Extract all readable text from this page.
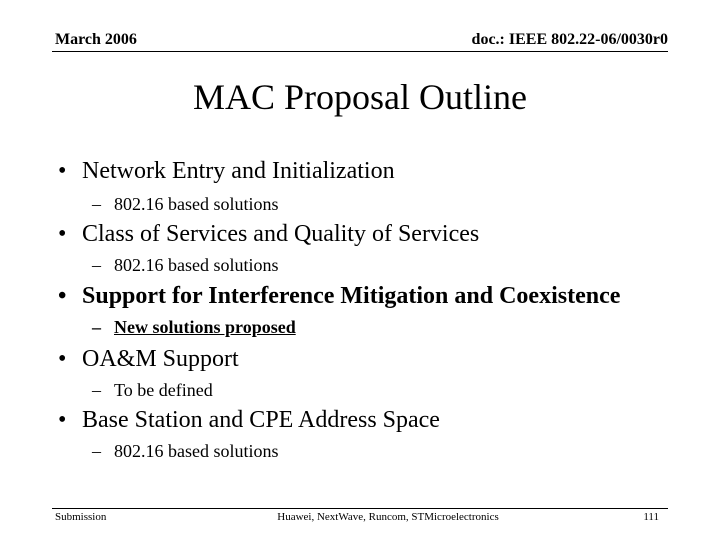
March 2006	doc.: IEEE 802.22-06/0030r0
MAC Proposal Outline
• Network Entry and Initialization
– 802.16 based solutions
• Class of Services and Quality of Services
– 802.16 based solutions
• Support for Interference Mitigation and Coexistence
– New solutions proposed
• OA&M Support
– To be defined
• Base Station and CPE Address Space
– 802.16 based solutions
Submission	Huawei, NextWave, Runcom, STMicroelectronics	111
